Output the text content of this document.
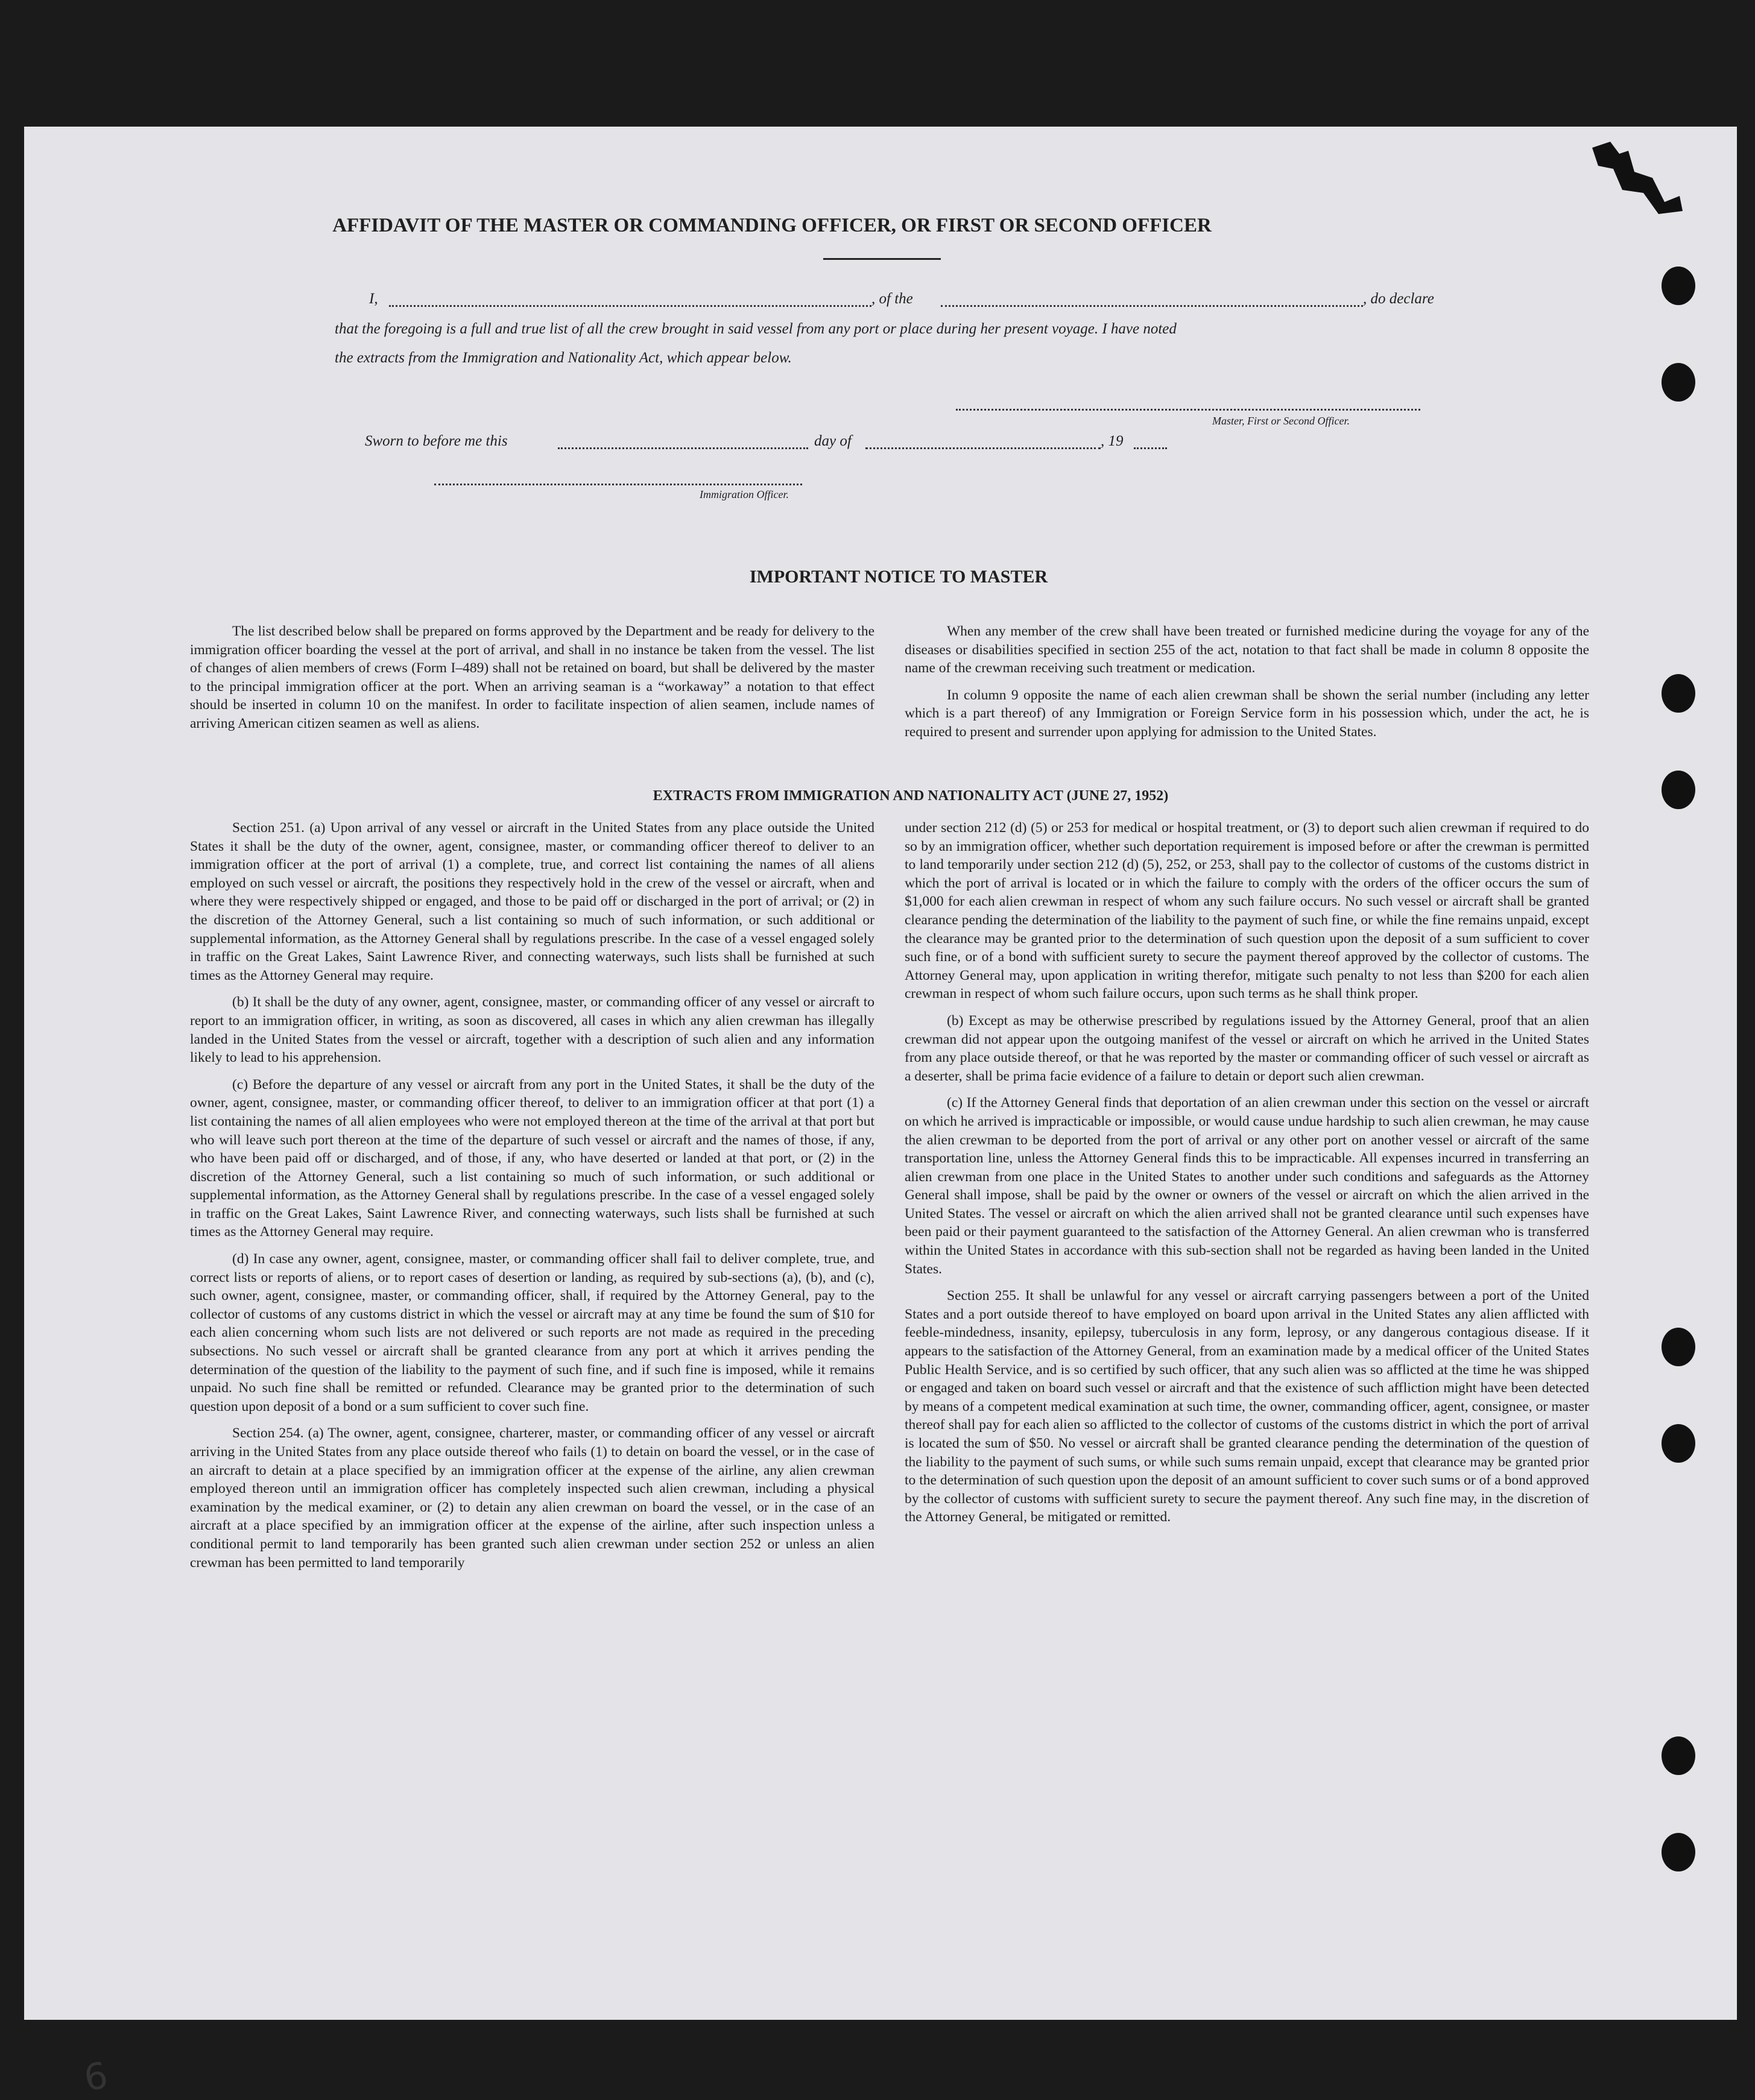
AFFIDAVIT OF THE MASTER OR COMMANDING OFFICER, OR FIRST OR SECOND OFFICER
I,	, of the	, do declare
that the foregoing is a full and true list of all the crew brought in said vessel from any port or place during her present voyage. I have noted
the extracts from the Immigration and Nationality Act, which appear below.
Master, First or Second Officer.
Sworn to before me this	day of	, 19
Immigration Officer.
IMPORTANT NOTICE TO MASTER

The list described below shall be prepared on forms approved by the Department and be ready for delivery to the immigration officer boarding the vessel at the port of arrival, and shall in no instance be taken from the vessel. The list of changes of alien members of crews (Form I–489) shall not be retained on board, but shall be delivered by the master to the principal immigration officer at the port. When an arriving seaman is a “workaway” a notation to that effect should be inserted in column 10 on the manifest. In order to facilitate inspection of alien seamen, include names of arriving American citizen seamen as well as aliens.

When any member of the crew shall have been treated or furnished medicine during the voyage for any of the diseases or disabilities specified in section 255 of the act, notation to that fact shall be made in column 8 opposite the name of the crewman receiving such treatment or medication.

In column 9 opposite the name of each alien crewman shall be shown the serial number (including any letter which is a part thereof) of any Immigration or Foreign Service form in his possession which, under the act, he is required to present and surrender upon applying for admission to the United States.

EXTRACTS FROM IMMIGRATION AND NATIONALITY ACT (JUNE 27, 1952)

Section 251. (a) Upon arrival of any vessel or aircraft in the United States from any place outside the United States it shall be the duty of the owner, agent, consignee, master, or commanding officer thereof to deliver to an immigration officer at the port of arrival (1) a complete, true, and correct list containing the names of all aliens employed on such vessel or aircraft, the positions they respectively hold in the crew of the vessel or aircraft, when and where they were respectively shipped or engaged, and those to be paid off or discharged in the port of arrival; or (2) in the discretion of the Attorney General, such a list containing so much of such information, or such additional or supplemental information, as the Attorney General shall by regulations prescribe. In the case of a vessel engaged solely in traffic on the Great Lakes, Saint Lawrence River, and connecting waterways, such lists shall be furnished at such times as the Attorney General may require.

(b) It shall be the duty of any owner, agent, consignee, master, or commanding officer of any vessel or aircraft to report to an immigration officer, in writing, as soon as discovered, all cases in which any alien crewman has illegally landed in the United States from the vessel or aircraft, together with a description of such alien and any information likely to lead to his apprehension.

(c) Before the departure of any vessel or aircraft from any port in the United States, it shall be the duty of the owner, agent, consignee, master, or commanding officer thereof, to deliver to an immigration officer at that port (1) a list containing the names of all alien employees who were not employed thereon at the time of the arrival at that port but who will leave such port thereon at the time of the departure of such vessel or aircraft and the names of those, if any, who have been paid off or discharged, and of those, if any, who have deserted or landed at that port, or (2) in the discretion of the Attorney General, such a list containing so much of such information, or such additional or supplemental information, as the Attorney General shall by regulations prescribe. In the case of a vessel engaged solely in traffic on the Great Lakes, Saint Lawrence River, and connecting waterways, such lists shall be furnished at such times as the Attorney General may require.

(d) In case any owner, agent, consignee, master, or commanding officer shall fail to deliver complete, true, and correct lists or reports of aliens, or to report cases of desertion or landing, as required by sub-sections (a), (b), and (c), such owner, agent, consignee, master, or commanding officer, shall, if required by the Attorney General, pay to the collector of customs of any customs district in which the vessel or aircraft may at any time be found the sum of $10 for each alien concerning whom such lists are not delivered or such reports are not made as required in the preceding subsections. No such vessel or aircraft shall be granted clearance from any port at which it arrives pending the determination of the question of the liability to the payment of such fine, and if such fine is imposed, while it remains unpaid. No such fine shall be remitted or refunded. Clearance may be granted prior to the determination of such question upon deposit of a bond or a sum sufficient to cover such fine.

Section 254. (a) The owner, agent, consignee, charterer, master, or commanding officer of any vessel or aircraft arriving in the United States from any place outside thereof who fails (1) to detain on board the vessel, or in the case of an aircraft to detain at a place specified by an immigration officer at the expense of the airline, any alien crewman employed thereon until an immigration officer has completely inspected such alien crewman, including a physical examination by the medical examiner, or (2) to detain any alien crewman on board the vessel, or in the case of an aircraft at a place specified by an immigration officer at the expense of the airline, after such inspection unless a conditional permit to land temporarily has been granted such alien crewman under section 252 or unless an alien crewman has been permitted to land temporarily

under section 212 (d) (5) or 253 for medical or hospital treatment, or (3) to deport such alien crewman if required to do so by an immigration officer, whether such deportation requirement is imposed before or after the crewman is permitted to land temporarily under section 212 (d) (5), 252, or 253, shall pay to the collector of customs of the customs district in which the port of arrival is located or in which the failure to comply with the orders of the officer occurs the sum of $1,000 for each alien crewman in respect of whom any such failure occurs. No such vessel or aircraft shall be granted clearance pending the determination of the liability to the payment of such fine, or while the fine remains unpaid, except the clearance may be granted prior to the determination of such question upon the deposit of a sum sufficient to cover such fine, or of a bond with sufficient surety to secure the payment thereof approved by the collector of customs. The Attorney General may, upon application in writing therefor, mitigate such penalty to not less than $200 for each alien crewman in respect of whom such failure occurs, upon such terms as he shall think proper.

(b) Except as may be otherwise prescribed by regulations issued by the Attorney General, proof that an alien crewman did not appear upon the outgoing manifest of the vessel or aircraft on which he arrived in the United States from any place outside thereof, or that he was reported by the master or commanding officer of such vessel or aircraft as a deserter, shall be prima facie evidence of a failure to detain or deport such alien crewman.

(c) If the Attorney General finds that deportation of an alien crewman under this section on the vessel or aircraft on which he arrived is impracticable or impossible, or would cause undue hardship to such alien crewman, he may cause the alien crewman to be deported from the port of arrival or any other port on another vessel or aircraft of the same transportation line, unless the Attorney General finds this to be impracticable. All expenses incurred in transferring an alien crewman from one place in the United States to another under such conditions and safeguards as the Attorney General shall impose, shall be paid by the owner or owners of the vessel or aircraft on which the alien arrived in the United States. The vessel or aircraft on which the alien arrived shall not be granted clearance until such expenses have been paid or their payment guaranteed to the satisfaction of the Attorney General. An alien crewman who is transferred within the United States in accordance with this sub-section shall not be regarded as having been landed in the United States.

Section 255. It shall be unlawful for any vessel or aircraft carrying passengers between a port of the United States and a port outside thereof to have employed on board upon arrival in the United States any alien afflicted with feeble-mindedness, insanity, epilepsy, tuberculosis in any form, leprosy, or any dangerous contagious disease. If it appears to the satisfaction of the Attorney General, from an examination made by a medical officer of the United States Public Health Service, and is so certified by such officer, that any such alien was so afflicted at the time he was shipped or engaged and taken on board such vessel or aircraft and that the existence of such affliction might have been detected by means of a competent medical examination at such time, the owner, commanding officer, agent, consignee, or master thereof shall pay for each alien so afflicted to the collector of customs of the customs district in which the port of arrival is located the sum of $50. No vessel or aircraft shall be granted clearance pending the determination of the question of the liability to the payment of such sums, or while such sums remain unpaid, except that clearance may be granted prior to the determination of such question upon the deposit of an amount sufficient to cover such sums or of a bond approved by the collector of customs with sufficient surety to secure the payment thereof. Any such fine may, in the discretion of the Attorney General, be mitigated or remitted.

6
